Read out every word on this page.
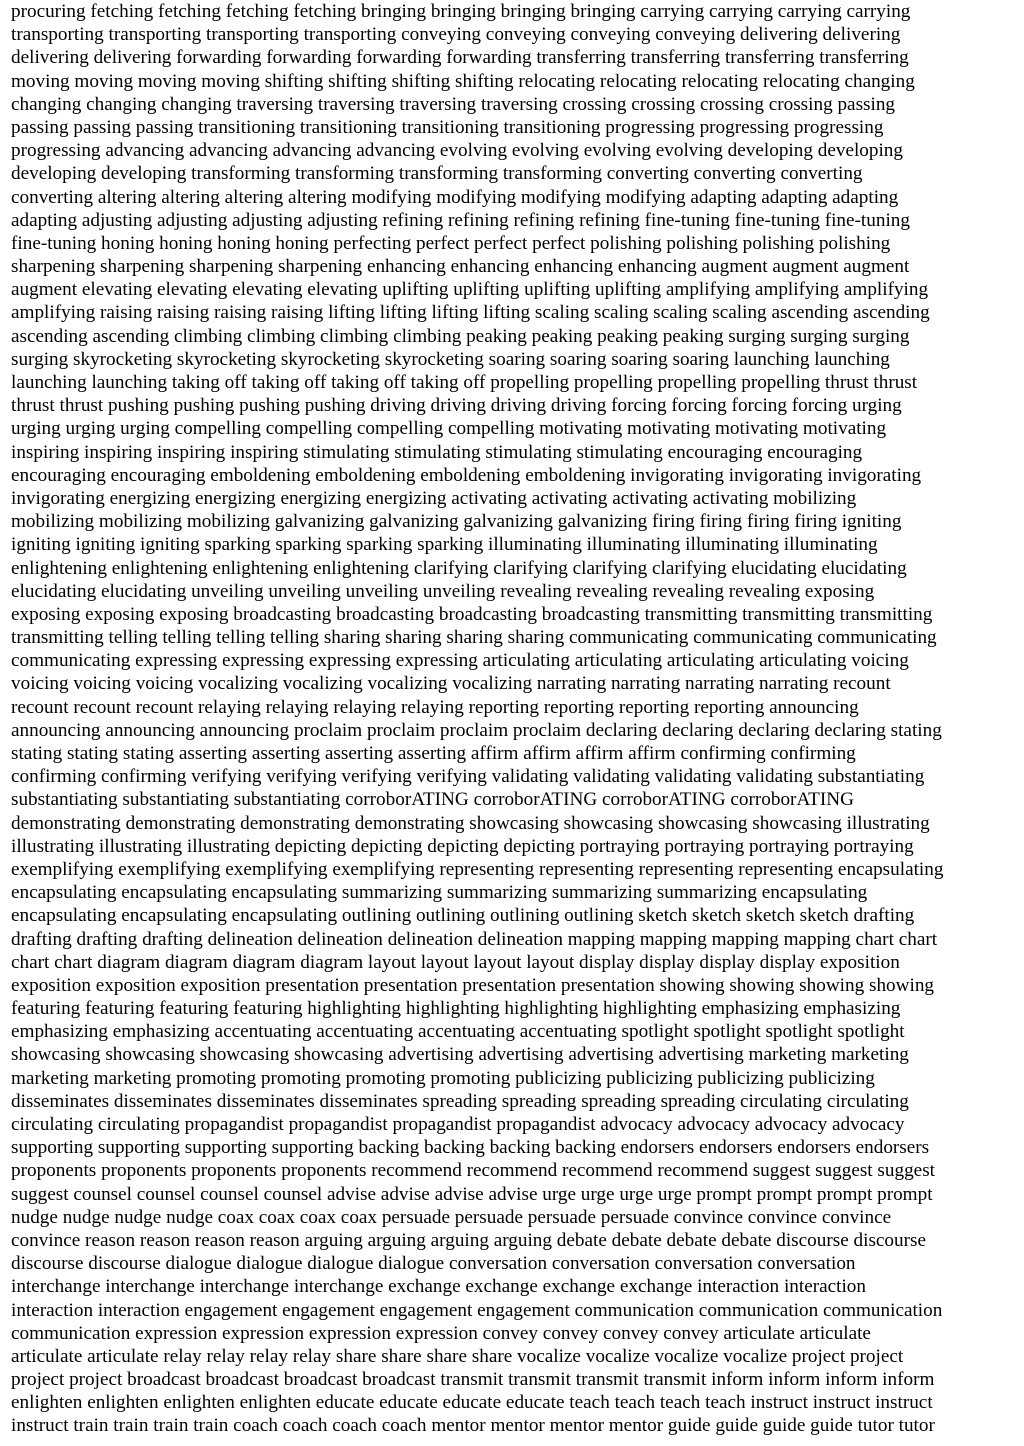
procuring fetching fetching fetching fetching bringing bringing bringing bringing carrying carrying carrying carrying
transporting transporting transporting transporting conveying conveying conveying conveying delivering delivering
delivering delivering forwarding forwarding forwarding forwarding transferring transferring transferring transferring
moving moving moving moving shifting shifting shifting shifting relocating relocating relocating relocating changing
changing changing changing traversing traversing traversing traversing crossing crossing crossing crossing passing
passing passing passing transitioning transitioning transitioning transitioning progressing progressing progressing
progressing advancing advancing advancing advancing evolving evolving evolving evolving developing developing
developing developing transforming transforming transforming transforming converting converting converting
converting altering altering altering altering modifying modifying modifying modifying adapting adapting adapting
adapting adjusting adjusting adjusting adjusting refining refining refining refining fine-tuning fine-tuning fine-tuning
fine-tuning honing honing honing honing perfecting perfect perfect perfect polishing polishing polishing polishing
sharpening sharpening sharpening sharpening enhancing enhancing enhancing enhancing augment augment augment
augment elevating elevating elevating elevating uplifting uplifting uplifting uplifting amplifying amplifying amplifying
amplifying raising raising raising raising lifting lifting lifting lifting scaling scaling scaling scaling ascending ascending
ascending ascending climbing climbing climbing climbing peaking peaking peaking peaking surging surging surging
surging skyrocketing skyrocketing skyrocketing skyrocketing soaring soaring soaring soaring launching launching
launching launching taking off taking off taking off taking off propelling propelling propelling propelling thrust thrust
thrust thrust pushing pushing pushing pushing driving driving driving driving forcing forcing forcing forcing urging
urging urging urging compelling compelling compelling compelling motivating motivating motivating motivating
inspiring inspiring inspiring inspiring stimulating stimulating stimulating stimulating encouraging encouraging
encouraging encouraging emboldening emboldening emboldening emboldening invigorating invigorating invigorating
invigorating energizing energizing energizing energizing activating activating activating activating mobilizing
mobilizing mobilizing mobilizing galvanizing galvanizing galvanizing galvanizing firing firing firing firing igniting
igniting igniting igniting sparking sparking sparking sparking illuminating illuminating illuminating illuminating
enlightening enlightening enlightening enlightening clarifying clarifying clarifying clarifying elucidating elucidating
elucidating elucidating unveiling unveiling unveiling unveiling revealing revealing revealing revealing exposing
exposing exposing exposing broadcasting broadcasting broadcasting broadcasting transmitting transmitting transmitting
transmitting telling telling telling telling sharing sharing sharing sharing communicating communicating communicating
communicating expressing expressing expressing expressing articulating articulating articulating articulating voicing
voicing voicing voicing vocalizing vocalizing vocalizing vocalizing narrating narrating narrating narrating recount
recount recount recount relaying relaying relaying relaying reporting reporting reporting reporting announcing
announcing announcing announcing proclaim proclaim proclaim proclaim declaring declaring declaring declaring stating
stating stating stating asserting asserting asserting asserting affirm affirm affirm affirm confirming confirming
confirming confirming verifying verifying verifying verifying validating validating validating validating substantiating
substantiating substantiating substantiating corroborATING corroborATING corroborATING corroborATING
demonstrating demonstrating demonstrating demonstrating showcasing showcasing showcasing showcasing illustrating
illustrating illustrating illustrating depicting depicting depicting depicting portraying portraying portraying portraying
exemplifying exemplifying exemplifying exemplifying representing representing representing representing encapsulating
encapsulating encapsulating encapsulating summarizing summarizing summarizing summarizing encapsulating
encapsulating encapsulating encapsulating outlining outlining outlining outlining sketch sketch sketch sketch drafting
drafting drafting drafting delineation delineation delineation delineation mapping mapping mapping mapping chart chart
chart chart diagram diagram diagram diagram layout layout layout layout display display display display exposition
exposition exposition exposition presentation presentation presentation presentation showing showing showing showing
featuring featuring featuring featuring highlighting highlighting highlighting highlighting emphasizing emphasizing
emphasizing emphasizing accentuating accentuating accentuating accentuating spotlight spotlight spotlight spotlight
showcasing showcasing showcasing showcasing advertising advertising advertising advertising marketing marketing
marketing marketing promoting promoting promoting promoting publicizing publicizing publicizing publicizing
disseminates disseminates disseminates disseminates spreading spreading spreading spreading circulating circulating
circulating circulating propagandist propagandist propagandist propagandist advocacy advocacy advocacy advocacy
supporting supporting supporting supporting backing backing backing backing endorsers endorsers endorsers endorsers
proponents proponents proponents proponents recommend recommend recommend recommend suggest suggest suggest
suggest counsel counsel counsel counsel advise advise advise advise urge urge urge urge prompt prompt prompt prompt
nudge nudge nudge nudge coax coax coax coax persuade persuade persuade persuade convince convince convince
convince reason reason reason reason arguing arguing arguing arguing debate debate debate debate discourse discourse
discourse discourse dialogue dialogue dialogue dialogue conversation conversation conversation conversation
interchange interchange interchange interchange exchange exchange exchange exchange interaction interaction
interaction interaction engagement engagement engagement engagement communication communication communication
communication expression expression expression expression convey convey convey convey articulate articulate
articulate articulate relay relay relay relay share share share share vocalize vocalize vocalize vocalize project project
project project broadcast broadcast broadcast broadcast transmit transmit transmit transmit inform inform inform inform
enlighten enlighten enlighten enlighten educate educate educate educate teach teach teach teach instruct instruct instruct
instruct train train train train coach coach coach coach mentor mentor mentor mentor guide guide guide guide tutor tutor
